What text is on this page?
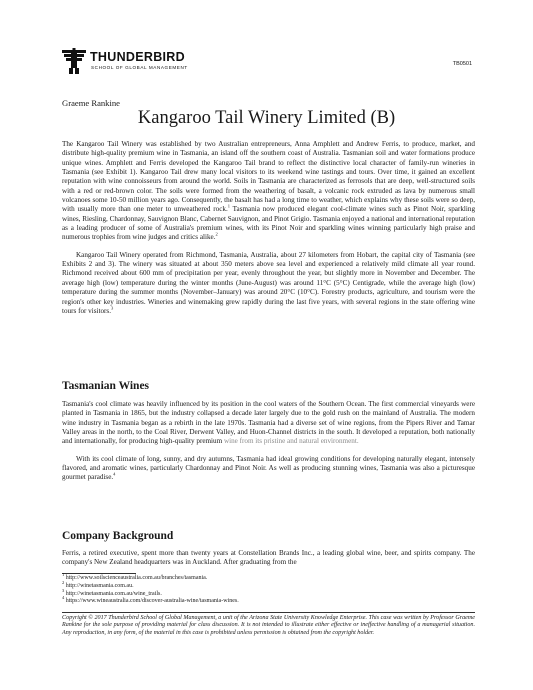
THUNDERBIRD
SCHOOL OF GLOBAL MANAGEMENT
TB0501
Graeme Rankine
Kangaroo Tail Winery Limited (B)

The Kangaroo Tail Winery was established by two Australian entrepreneurs, Anna Amphlett and Andrew Ferris, to produce, market, and distribute high-quality premium wine in Tasmania, an island off the southern coast of Australia. Tasmanian soil and water formations produce unique wines. Amphlett and Ferris developed the Kangaroo Tail brand to reflect the distinctive local character of family-run wineries in Tasmania (see Exhibit 1). Kangaroo Tail drew many local visitors to its weekend wine tastings and tours. Over time, it gained an excellent reputation with wine connoisseurs from around the world. Soils in Tasmania are characterized as ferrosols that are deep, well-structured soils with a red or red-brown color. The soils were formed from the weathering of basalt, a volcanic rock extruded as lava by numerous small volcanoes some 10-50 million years ago. Consequently, the basalt has had a long time to weather, which explains why these soils were so deep, with usually more than one meter to unweathered rock.$^1$ Tasmania now produced elegant cool-climate wines such as Pinot Noir, sparkling wines, Riesling, Chardonnay, Sauvignon Blanc, Cabernet Sauvignon, and Pinot Grigio. Tasmania enjoyed a national and international reputation as a leading producer of some of Australia's premium wines, with its Pinot Noir and sparkling wines winning particularly high praise and numerous trophies from wine judges and critics alike.$^2$

Kangaroo Tail Winery operated from Richmond, Tasmania, Australia, about 27 kilometers from Hobart, the capital city of Tasmania (see Exhibits 2 and 3). The winery was situated at about 350 meters above sea level and experienced a relatively mild climate all year round. Richmond received about 600 mm of precipitation per year, evenly throughout the year, but slightly more in November and December. The average high (low) temperature during the winter months (June-August) was around 11°C (5°C) Centigrade, while the average high (low) temperature during the summer months (November–January) was around 20°C (10°C). Forestry products, agriculture, and tourism were the region's other key industries. Wineries and winemaking grew rapidly during the last five years, with several regions in the state offering wine tours for visitors.$^3$

Tasmanian Wines

Tasmania's cool climate was heavily influenced by its position in the cool waters of the Southern Ocean. The first commercial vineyards were planted in Tasmania in 1865, but the industry collapsed a decade later largely due to the gold rush on the mainland of Australia. The modern wine industry in Tasmania began as a rebirth in the late 1970s. Tasmania had a diverse set of wine regions, from the Pipers River and Tamar Valley areas in the north, to the Coal River, Derwent Valley, and Huon-Channel districts in the south. It developed a reputation, both nationally and internationally, for producing high-quality premium wine from its pristine and natural environment.

With its cool climate of long, sunny, and dry autumns, Tasmania had ideal growing conditions for developing naturally elegant, intensely flavored, and aromatic wines, particularly Chardonnay and Pinot Noir. As well as producing stunning wines, Tasmania was also a picturesque gourmet paradise.$^4$

Company Background

Ferris, a retired executive, spent more than twenty years at Constellation Brands Inc., a leading global wine, beer, and spirits company. The company's New Zealand headquarters was in Auckland. After graduating from the

$^1$ http://www.soilscienceaustralia.com.au/branches/tasmania.
$^2$ http://winetasmania.com.au.
$^3$ http://winetasmania.com.au/wine_trails.
$^4$ https://www.wineaustralia.com/discover-australia-wine/tasmania-wines.

Copyright © 2017 Thunderbird School of Global Management, a unit of the Arizona State University Knowledge Enterprise. This case was written by Professor Graeme Rankine for the sole purpose of providing material for class discussion. It is not intended to illustrate either effective or ineffective handling of a managerial situation. Any reproduction, in any form, of the material in this case is prohibited unless permission is obtained from the copyright holder.
